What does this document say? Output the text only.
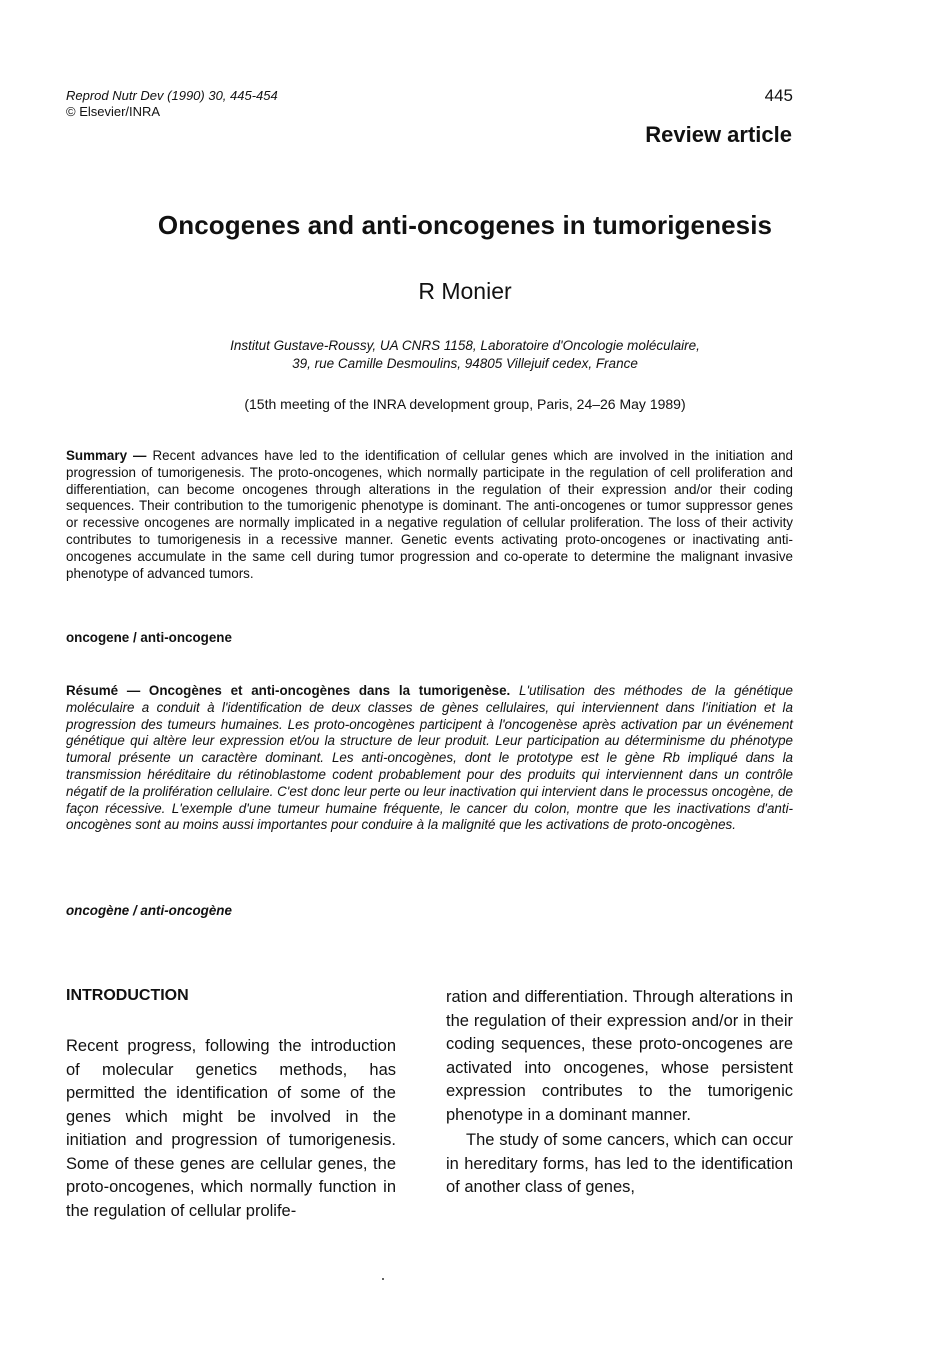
Reprod Nutr Dev (1990) 30, 445-454
© Elsevier/INRA
445
Review article
Oncogenes and anti-oncogenes in tumorigenesis
R Monier
Institut Gustave-Roussy, UA CNRS 1158, Laboratoire d'Oncologie moléculaire,
39, rue Camille Desmoulins, 94805 Villejuif cedex, France
(15th meeting of the INRA development group, Paris, 24–26 May 1989)
Summary — Recent advances have led to the identification of cellular genes which are involved in the initiation and progression of tumorigenesis. The proto-oncogenes, which normally participate in the regulation of cell proliferation and differentiation, can become oncogenes through alterations in the regulation of their expression and/or their coding sequences. Their contribution to the tumorigenic phenotype is dominant. The anti-oncogenes or tumor suppressor genes or recessive oncogenes are normally implicated in a negative regulation of cellular proliferation. The loss of their activity contributes to tumorigenesis in a recessive manner. Genetic events activating proto-oncogenes or inactivating anti-oncogenes accumulate in the same cell during tumor progression and co-operate to determine the malignant invasive phenotype of advanced tumors.
oncogene / anti-oncogene
Résumé — Oncogènes et anti-oncogènes dans la tumorigenèse. L'utilisation des méthodes de la génétique moléculaire a conduit à l'identification de deux classes de gènes cellulaires, qui interviennent dans l'initiation et la progression des tumeurs humaines. Les proto-oncogènes participent à l'oncogenèse après activation par un événement génétique qui altère leur expression et/ou la structure de leur produit. Leur participation au déterminisme du phénotype tumoral présente un caractère dominant. Les anti-oncogènes, dont le prototype est le gène Rb impliqué dans la transmission héréditaire du rétinoblastome codent probablement pour des produits qui interviennent dans un contrôle négatif de la prolifération cellulaire. C'est donc leur perte ou leur inactivation qui intervient dans le processus oncogène, de façon récessive. L'exemple d'une tumeur humaine fréquente, le cancer du colon, montre que les inactivations d'anti-oncogènes sont au moins aussi importantes pour conduire à la malignité que les activations de proto-oncogènes.
oncogène / anti-oncogène
INTRODUCTION

Recent progress, following the introduction of molecular genetics methods, has permitted the identification of some of the genes which might be involved in the initiation and progression of tumorigenesis. Some of these genes are cellular genes, the proto-oncogenes, which normally function in the regulation of cellular prolife-

ration and differentiation. Through alterations in the regulation of their expression and/or in their coding sequences, these proto-oncogenes are activated into oncogenes, whose persistent expression contributes to the tumorigenic phenotype in a dominant manner.

The study of some cancers, which can occur in hereditary forms, has led to the identification of another class of genes,
